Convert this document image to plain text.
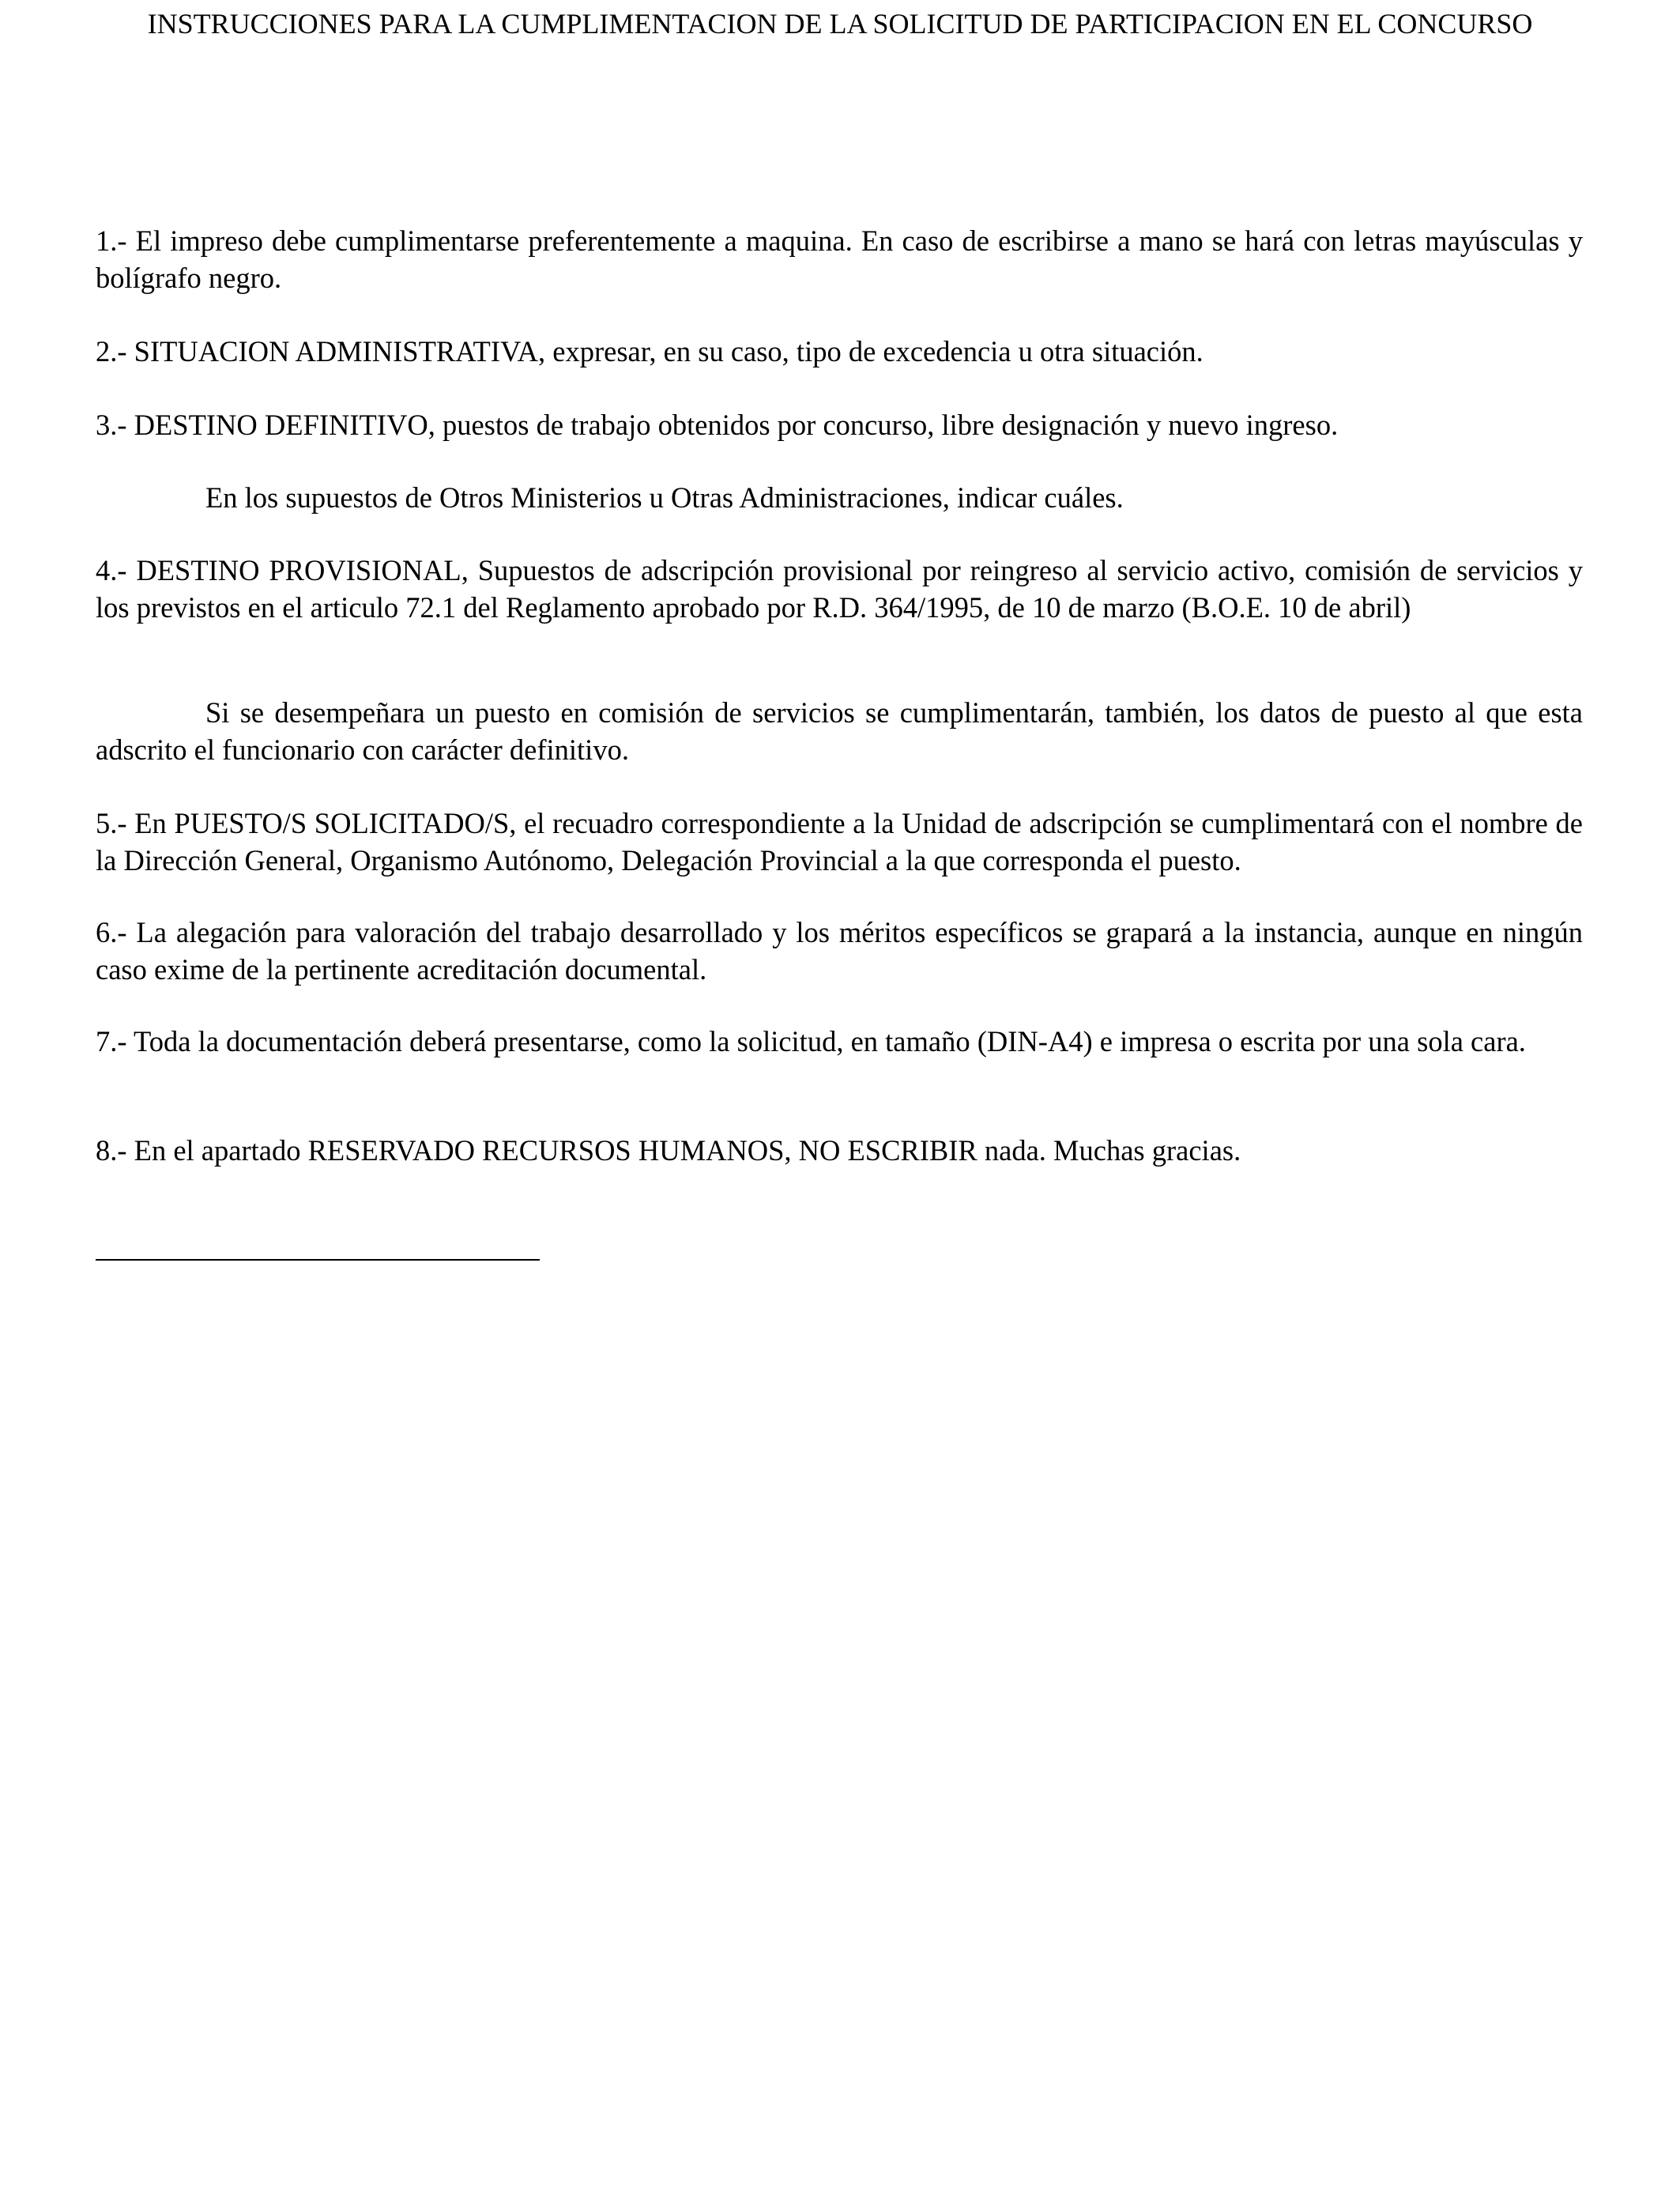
INSTRUCCIONES PARA LA CUMPLIMENTACION DE LA SOLICITUD DE PARTICIPACION EN EL CONCURSO
1.- El impreso debe cumplimentarse preferentemente a maquina. En caso de escribirse a mano se hará con letras mayúsculas y bolígrafo negro.
2.- SITUACION ADMINISTRATIVA, expresar, en su caso, tipo de excedencia u otra situación.
3.- DESTINO DEFINITIVO, puestos de trabajo obtenidos por concurso, libre designación y nuevo ingreso.
En los supuestos de Otros Ministerios u Otras Administraciones, indicar cuáles.
4.- DESTINO PROVISIONAL, Supuestos de adscripción provisional por reingreso al servicio activo, comisión de servicios y los previstos en el articulo 72.1 del Reglamento aprobado por R.D. 364/1995, de 10 de marzo (B.O.E. 10 de abril)
Si se desempeñara un puesto en comisión de servicios se cumplimentarán, también, los datos de puesto al que esta adscrito el funcionario con carácter definitivo.
5.- En PUESTO/S SOLICITADO/S, el recuadro correspondiente a la Unidad de adscripción se cumplimentará con el nombre de la Dirección General, Organismo Autónomo, Delegación Provincial a la que corresponda el puesto.
6.- La alegación para valoración del trabajo desarrollado y los méritos específicos se grapará a la instancia, aunque en ningún caso exime de la pertinente acreditación documental.
7.- Toda la documentación deberá presentarse, como la solicitud, en tamaño (DIN-A4) e impresa o escrita por una sola cara.
8.- En el apartado RESERVADO RECURSOS HUMANOS, NO ESCRIBIR nada. Muchas gracias.
